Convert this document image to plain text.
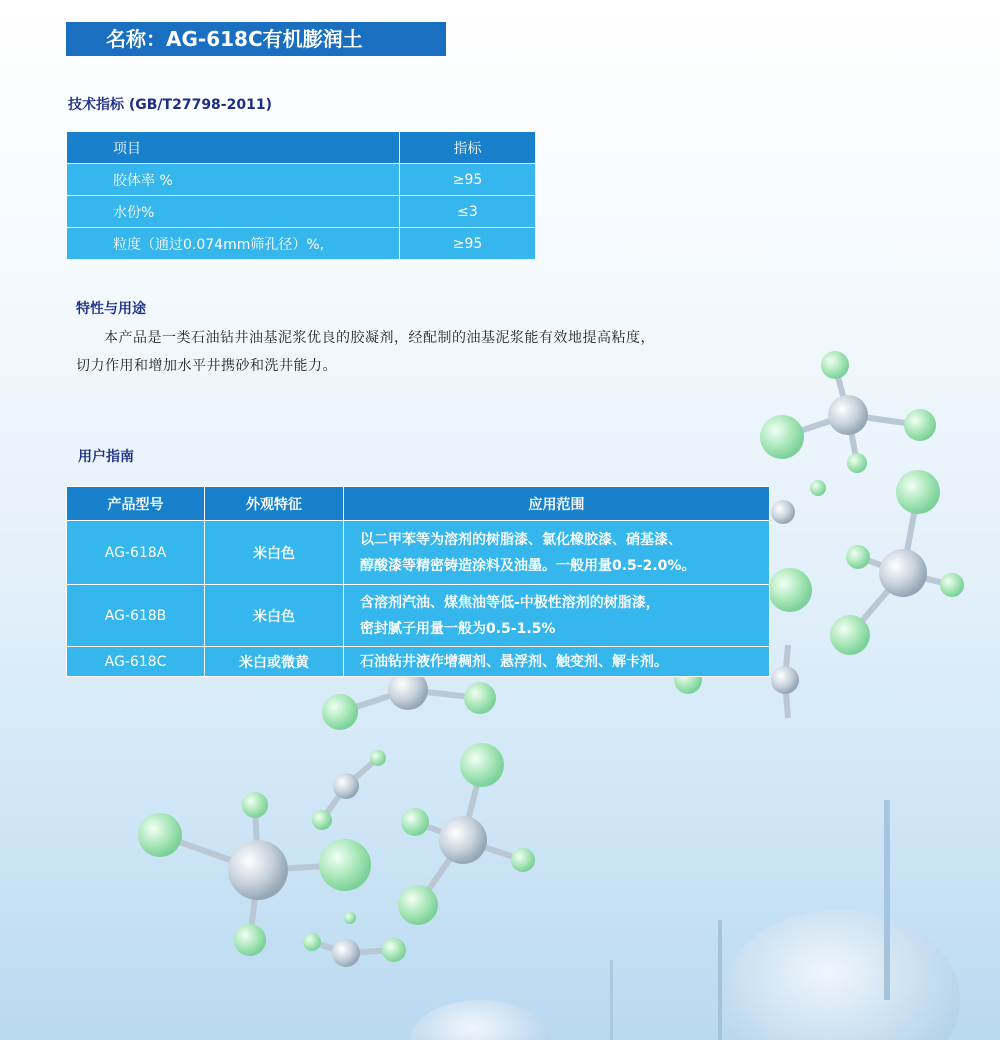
名称：AG-618C有机膨润土
技术指标 (GB/T27798-2011)
项目	指标
胶体率 %	≥95
水份%	≤3
粒度（通过0.074mm筛孔径）%,	≥95
特性与用途
本产品是一类石油钻井油基泥浆优良的胶凝剂，经配制的油基泥浆能有效地提高粘度，
切力作用和增加水平井携砂和洗井能力。
用户指南
产品型号	外观特征	应用范围
AG-618A	米白色	以二甲苯等为溶剂的树脂漆、氯化橡胶漆、硝基漆、
醇酸漆等精密铸造涂料及油墨。一般用量0.5-2.0%。

AG-618B	米白色	含溶剂汽油、煤焦油等低-中极性溶剂的树脂漆，
密封腻子用量一般为0.5-1.5%

AG-618C	米白或微黄	石油钻井液作增稠剂、悬浮剂、触变剂、解卡剂。
